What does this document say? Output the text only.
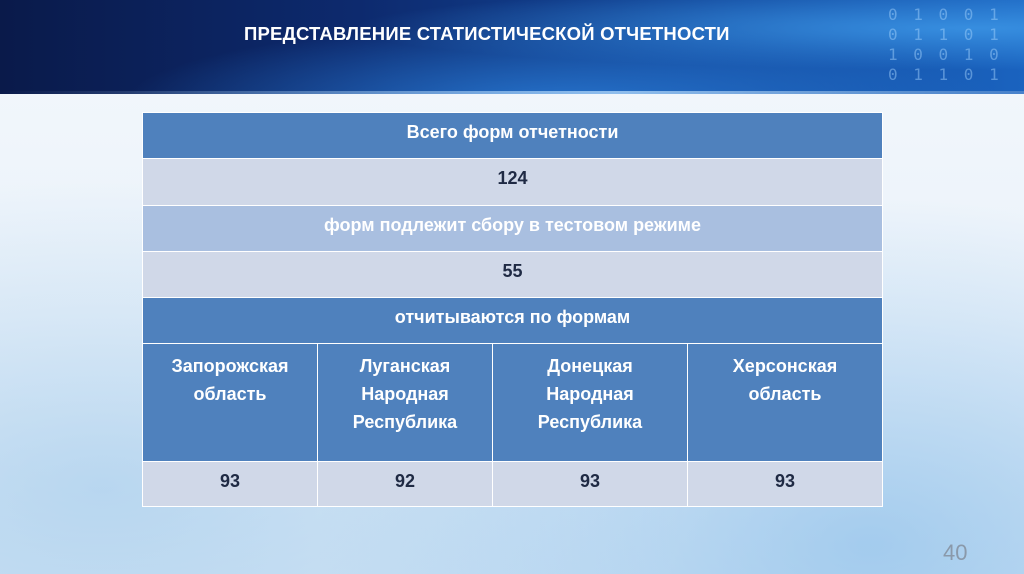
0 1 0 0 1
0 1 1 0 1
1 0 0 1 0
0 1 1 0 1
ПРЕДСТАВЛЕНИЕ СТАТИСТИЧЕСКОЙ ОТЧЕТНОСТИ
Всего форм отчетности			
124			
форм подлежит сбору в тестовом режиме			
55			
отчитываются по формам			

Запорожская
область	Луганская
Народная
Республика	Донецкая
Народная
Республика	Херсонская
область

93	92	93	93
40
